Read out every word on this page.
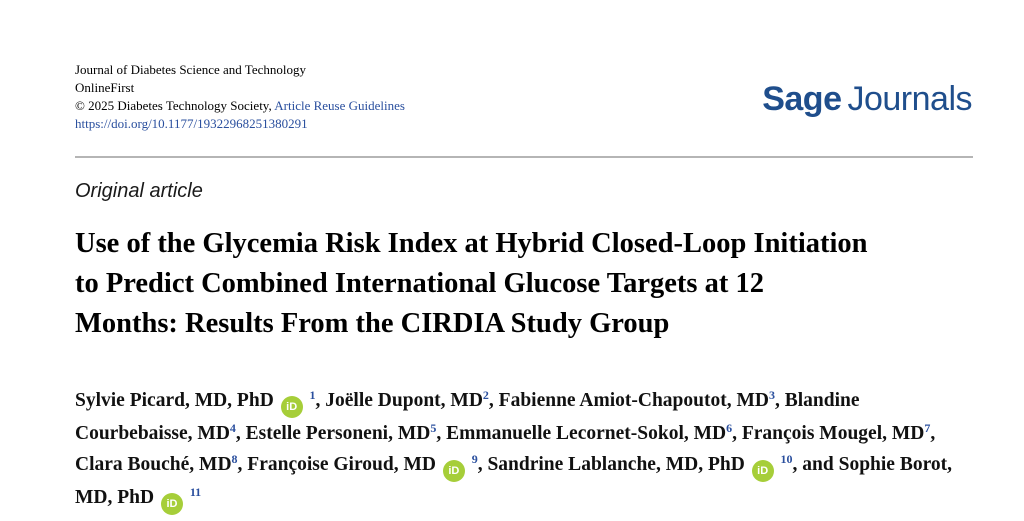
Journal of Diabetes Science and Technology
OnlineFirst
© 2025 Diabetes Technology Society, Article Reuse Guidelines
https://doi.org/10.1177/19322968251380291
Sage Journals
Original article
Use of the Glycemia Risk Index at Hybrid Closed-Loop Initiation
to Predict Combined International Glucose Targets at 12
Months: Results From the CIRDIA Study Group
Sylvie Picard, MD, PhD iD $^1$, Joëlle Dupont, $MD^2$, Fabienne Amiot-Chapoutot, $MD^3$, Blandine Courbebaisse, $MD^4$, Estelle Personeni, $MD^5$, Emmanuelle Lecornet-Sokol, $MD^6$, François Mougel, $MD^7$, Clara Bouché, $MD^8$, Françoise Giroud, MD iD $^9$, Sandrine Lablanche, MD, PhD iD $^{10}$, and Sophie Borot, MD, PhD iD $^{11}$
